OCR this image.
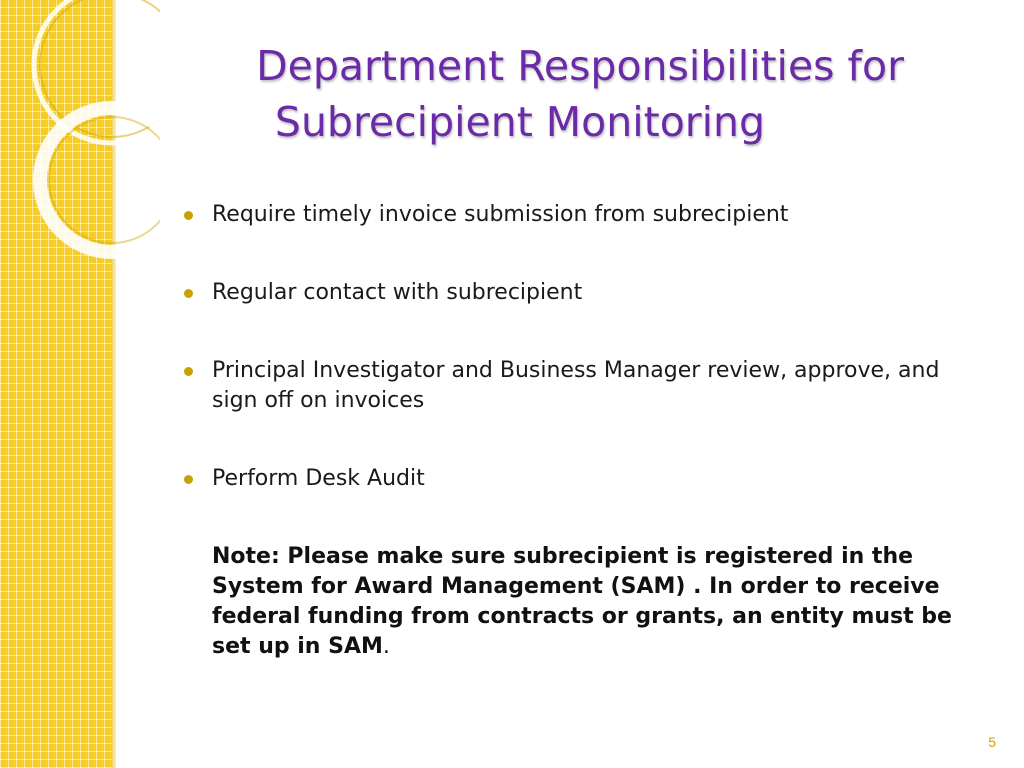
Department Responsibilities for
Subrecipient Monitoring
Require timely invoice submission from subrecipient
Regular contact with subrecipient
Principal Investigator and Business Manager review, approve, and sign off on invoices
Perform Desk Audit

Note: Please make sure subrecipient is registered in the System for Award Management (SAM) . In order to receive federal funding from contracts or grants, an entity must be set up in SAM.

5
